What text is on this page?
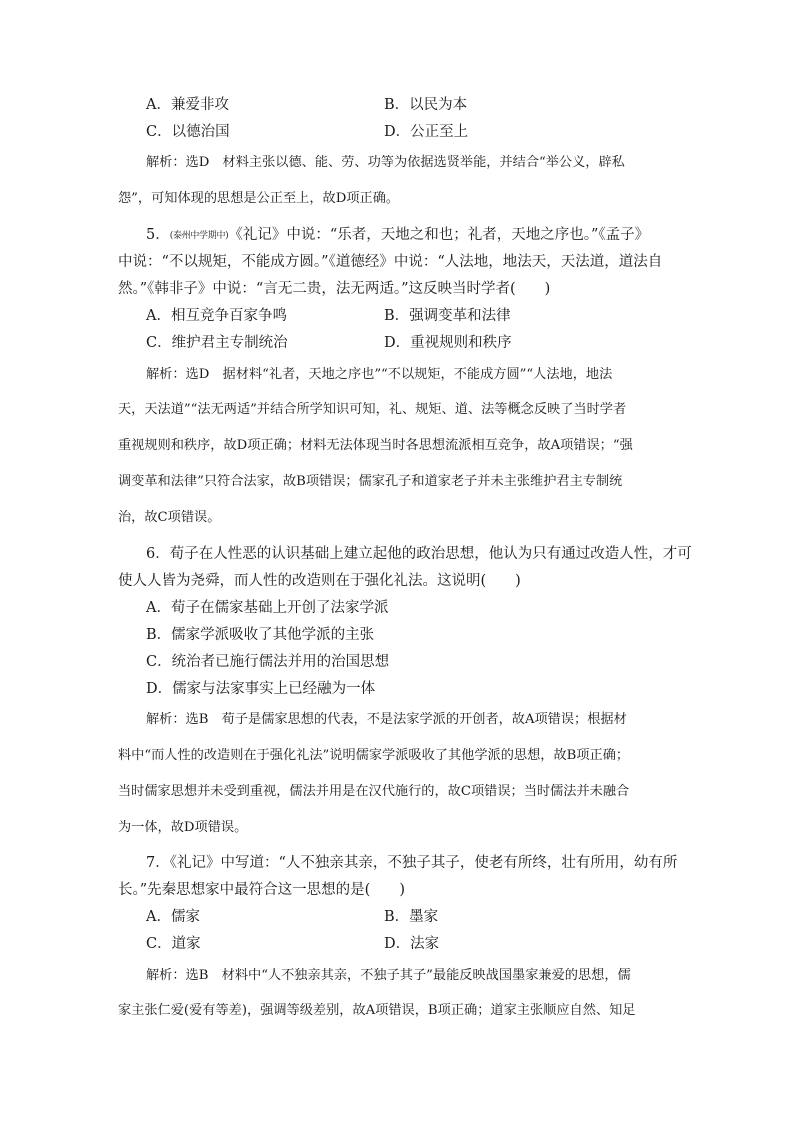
A．兼爱非攻	B．以民为本
C．以德治国	D．公正至上
解析：选D　材料主张以德、能、劳、功等为依据选贤举能，并结合“举公义，辟私
怨”，可知体现的思想是公正至上，故D项正确。
5．(泰州中学期中)《礼记》中说：“乐者，天地之和也；礼者，天地之序也。”《孟子》
中说：“不以规矩，不能成方圆。”《道德经》中说：“人法地，地法天，天法道，道法自
然。”《韩非子》中说：“言无二贵，法无两适。”这反映当时学者(　　)
A．相互竞争百家争鸣	B．强调变革和法律
C．维护君主专制统治	D．重视规则和秩序
解析：选D　据材料“礼者，天地之序也”“不以规矩，不能成方圆”“人法地，地法
天，天法道”“法无两适”并结合所学知识可知，礼、规矩、道、法等概念反映了当时学者
重视规则和秩序，故D项正确；材料无法体现当时各思想流派相互竞争，故A项错误；“强
调变革和法律”只符合法家，故B项错误；儒家孔子和道家老子并未主张维护君主专制统
治，故C项错误。
6．荀子在人性恶的认识基础上建立起他的政治思想，他认为只有通过改造人性，才可
使人人皆为尧舜，而人性的改造则在于强化礼法。这说明(　　)
A．荀子在儒家基础上开创了法家学派
B．儒家学派吸收了其他学派的主张
C．统治者已施行儒法并用的治国思想
D．儒家与法家事实上已经融为一体
解析：选B　荀子是儒家思想的代表，不是法家学派的开创者，故A项错误；根据材
料中“而人性的改造则在于强化礼法”说明儒家学派吸收了其他学派的思想，故B项正确；
当时儒家思想并未受到重视，儒法并用是在汉代施行的，故C项错误；当时儒法并未融合
为一体，故D项错误。
7．《礼记》中写道：“人不独亲其亲，不独子其子，使老有所终，壮有所用，幼有所
长。”先秦思想家中最符合这一思想的是(　　)
A．儒家	B．墨家
C．道家	D．法家
解析：选B　材料中“人不独亲其亲，不独子其子”最能反映战国墨家兼爱的思想，儒
家主张仁爱(爱有等差)，强调等级差别，故A项错误，B项正确；道家主张顺应自然、知足
